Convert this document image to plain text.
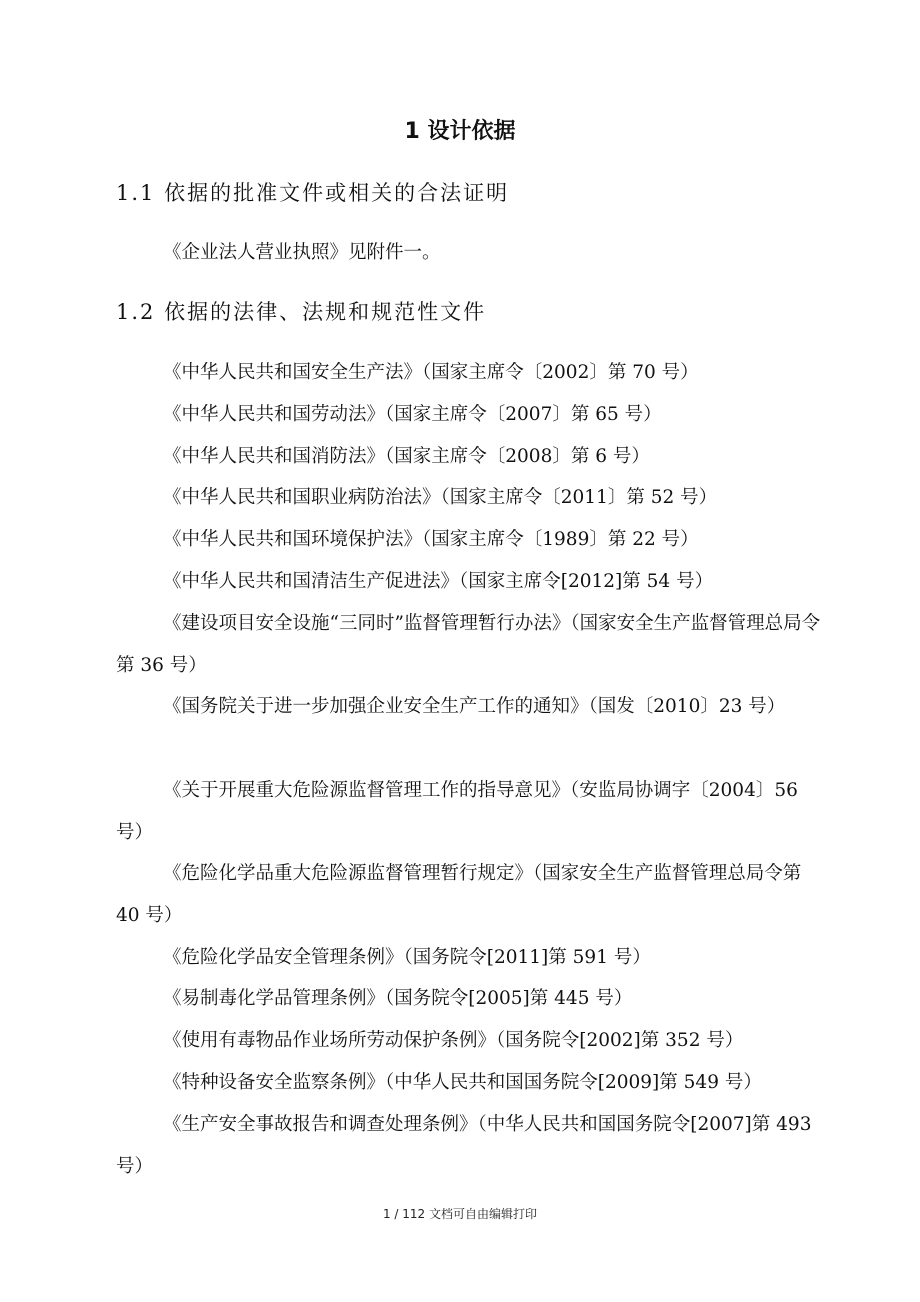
1 设计依据
1.1 依据的批准文件或相关的合法证明

《企业法人营业执照》见附件一。

1.2 依据的法律、法规和规范性文件

《中华人民共和国安全生产法》（国家主席令〔2002〕第 70 号）

《中华人民共和国劳动法》（国家主席令〔2007〕第 65 号）

《中华人民共和国消防法》（国家主席令〔2008〕第 6 号）

《中华人民共和国职业病防治法》（国家主席令〔2011〕第 52 号）

《中华人民共和国环境保护法》（国家主席令〔1989〕第 22 号）

《中华人民共和国清洁生产促进法》（国家主席令[2012]第 54 号）

《建设项目安全设施“三同时”监督管理暂行办法》（国家安全生产监督管理总局令第 36 号）

《国务院关于进一步加强企业安全生产工作的通知》（国发〔2010〕23 号）

《关于开展重大危险源监督管理工作的指导意见》（安监局协调字〔2004〕56 号）

《危险化学品重大危险源监督管理暂行规定》（国家安全生产监督管理总局令第 40 号）

《危险化学品安全管理条例》（国务院令[2011]第 591 号）

《易制毒化学品管理条例》（国务院令[2005]第 445 号）

《使用有毒物品作业场所劳动保护条例》（国务院令[2002]第 352 号）

《特种设备安全监察条例》（中华人民共和国国务院令[2009]第 549 号）

《生产安全事故报告和调查处理条例》（中华人民共和国国务院令[2007]第 493 号）

1 / 112 文档可自由编辑打印
